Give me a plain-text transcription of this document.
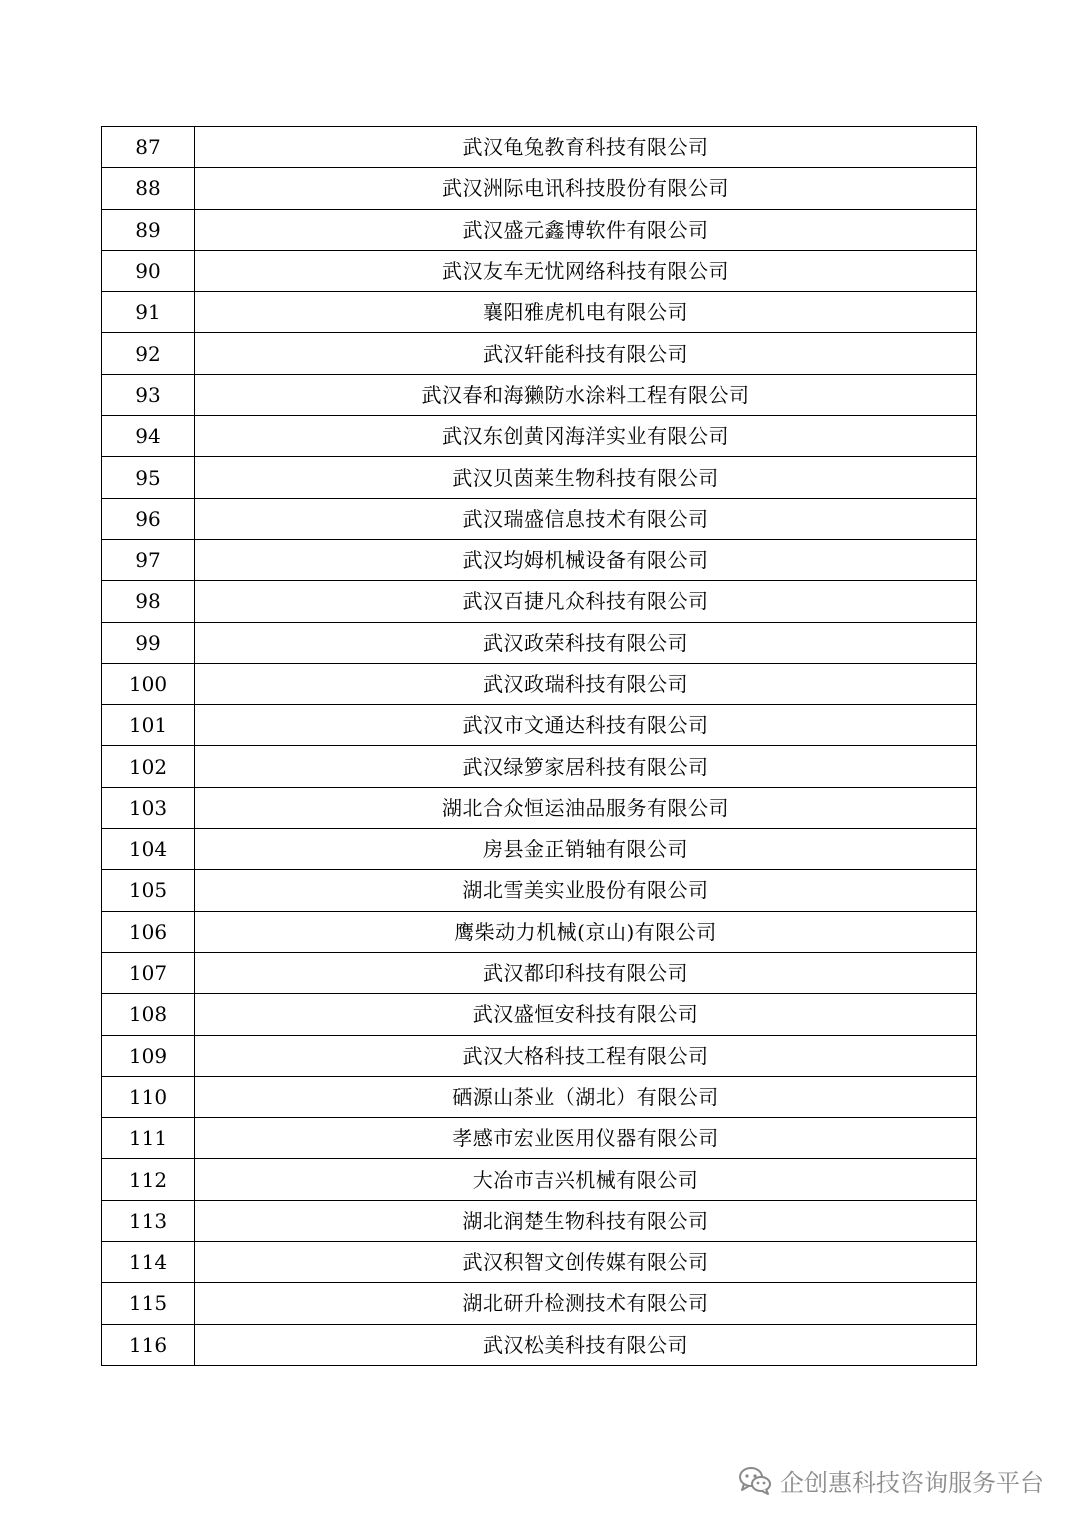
87	武汉龟兔教育科技有限公司
88	武汉洲际电讯科技股份有限公司
89	武汉盛元鑫博软件有限公司
90	武汉友车无忧网络科技有限公司
91	襄阳雅虎机电有限公司
92	武汉轩能科技有限公司
93	武汉春和海獭防水涂料工程有限公司
94	武汉东创黄冈海洋实业有限公司
95	武汉贝茵莱生物科技有限公司
96	武汉瑞盛信息技术有限公司
97	武汉均姆机械设备有限公司
98	武汉百捷凡众科技有限公司
99	武汉政荣科技有限公司
100	武汉政瑞科技有限公司
101	武汉市文通达科技有限公司
102	武汉绿箩家居科技有限公司
103	湖北合众恒运油品服务有限公司
104	房县金正销轴有限公司
105	湖北雪美实业股份有限公司
106	鹰柴动力机械(京山)有限公司
107	武汉都印科技有限公司
108	武汉盛恒安科技有限公司
109	武汉大格科技工程有限公司
110	硒源山茶业（湖北）有限公司
111	孝感市宏业医用仪器有限公司
112	大冶市吉兴机械有限公司
113	湖北润楚生物科技有限公司
114	武汉积智文创传媒有限公司
115	湖北研升检测技术有限公司
116	武汉松美科技有限公司
企创惠科技咨询服务平台
